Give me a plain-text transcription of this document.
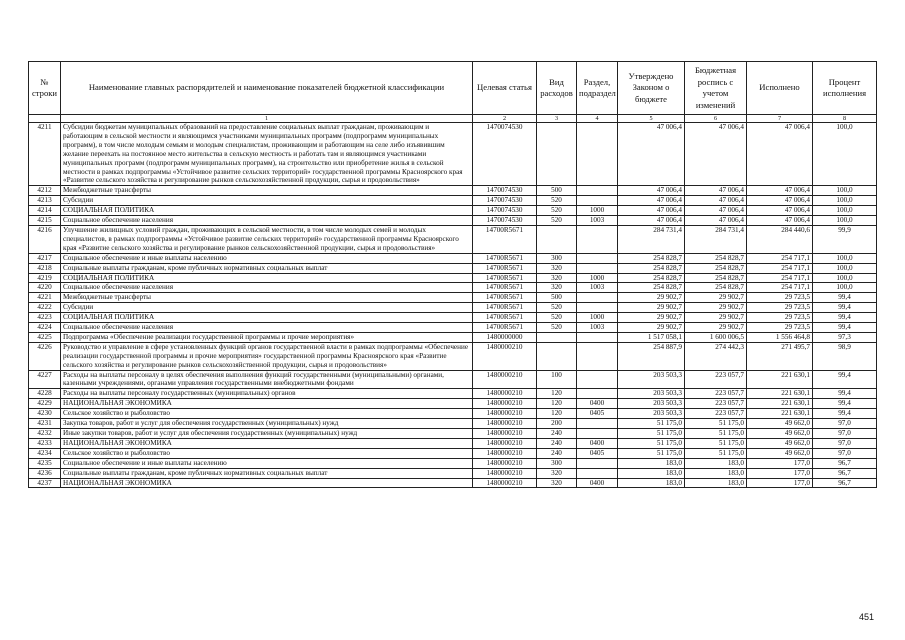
№ строки	Наименование главных распорядителей и наименование показателей бюджетной классификации	Целевая статья	Вид расходов	Раздел, подраздел	Утверждено Законом о бюджете	Бюджетная роспись с учетом изменений	Исполнено	Процент исполнения
	1	2	3	4	5	6	7	8
4211	Субсидии бюджетам муниципальных образований на предоставление социальных выплат гражданам, проживающим и работающим в сельской местности и являющимся участниками муниципальных программ (подпрограмм муниципальных программ), в том числе молодым семьям и молодым специалистам, проживающим и работающим на селе либо изъявившим желание переехать на постоянное место жительства в сельскую местность и работать там и являющимся участниками муниципальных программ (подпрограмм муниципальных программ), на строительство или приобретение жилья в сельской местности в рамках подпрограммы «Устойчивое развитие сельских территорий» государственной программы Красноярского края «Развитие сельского хозяйства и регулирование рынков сельскохозяйственной продукции, сырья и продовольствия»	1470074530			47 006,4	47 006,4	47 006,4	100,0
4212	Межбюджетные трансферты	1470074530	500		47 006,4	47 006,4	47 006,4	100,0
4213	Субсидии	1470074530	520		47 006,4	47 006,4	47 006,4	100,0
4214	СОЦИАЛЬНАЯ ПОЛИТИКА	1470074530	520	1000	47 006,4	47 006,4	47 006,4	100,0
4215	Социальное обеспечение населения	1470074530	520	1003	47 006,4	47 006,4	47 006,4	100,0
4216	Улучшение жилищных условий граждан, проживающих в сельской местности, в том числе молодых семей и молодых специалистов, в рамках подпрограммы «Устойчивое развитие сельских территорий» государственной программы Красноярского края «Развитие сельского хозяйства и регулирование рынков сельскохозяйственной продукции, сырья и продовольствия»	14700R5671			284 731,4	284 731,4	284 440,6	99,9
4217	Социальное обеспечение и иные выплаты населению	14700R5671	300		254 828,7	254 828,7	254 717,1	100,0
4218	Социальные выплаты гражданам, кроме публичных нормативных социальных выплат	14700R5671	320		254 828,7	254 828,7	254 717,1	100,0
4219	СОЦИАЛЬНАЯ ПОЛИТИКА	14700R5671	320	1000	254 828,7	254 828,7	254 717,1	100,0
4220	Социальное обеспечение населения	14700R5671	320	1003	254 828,7	254 828,7	254 717,1	100,0
4221	Межбюджетные трансферты	14700R5671	500		29 902,7	29 902,7	29 723,5	99,4
4222	Субсидии	14700R5671	520		29 902,7	29 902,7	29 723,5	99,4
4223	СОЦИАЛЬНАЯ ПОЛИТИКА	14700R5671	520	1000	29 902,7	29 902,7	29 723,5	99,4
4224	Социальное обеспечение населения	14700R5671	520	1003	29 902,7	29 902,7	29 723,5	99,4
4225	Подпрограмма «Обеспечение реализации государственной программы и прочие мероприятия»	1480000000			1 517 058,1	1 600 006,5	1 556 464,8	97,3
4226	Руководство и управление в сфере установленных функций органов государственной власти в рамках подпрограммы «Обеспечение реализации государственной программы и прочие мероприятия» государственной программы Красноярского края «Развитие сельского хозяйства и регулирование рынков сельскохозяйственной продукции, сырья и продовольствия»	1480000210			254 887,9	274 442,3	271 495,7	98,9
4227	Расходы на выплаты персоналу в целях обеспечения выполнения функций государственными (муниципальными) органами, казенными учреждениями, органами управления государственными внебюджетными фондами	1480000210	100		203 503,3	223 057,7	221 630,1	99,4
4228	Расходы на выплаты персоналу государственных (муниципальных) органов	1480000210	120		203 503,3	223 057,7	221 630,1	99,4
4229	НАЦИОНАЛЬНАЯ ЭКОНОМИКА	1480000210	120	0400	203 503,3	223 057,7	221 630,1	99,4
4230	Сельское хозяйство и рыболовство	1480000210	120	0405	203 503,3	223 057,7	221 630,1	99,4
4231	Закупка товаров, работ и услуг для обеспечения государственных (муниципальных) нужд	1480000210	200		51 175,0	51 175,0	49 662,0	97,0
4232	Иные закупки товаров, работ и услуг для обеспечения государственных (муниципальных) нужд	1480000210	240		51 175,0	51 175,0	49 662,0	97,0
4233	НАЦИОНАЛЬНАЯ ЭКОНОМИКА	1480000210	240	0400	51 175,0	51 175,0	49 662,0	97,0
4234	Сельское хозяйство и рыболовство	1480000210	240	0405	51 175,0	51 175,0	49 662,0	97,0
4235	Социальное обеспечение и иные выплаты населению	1480000210	300		183,0	183,0	177,0	96,7
4236	Социальные выплаты гражданам, кроме публичных нормативных социальных выплат	1480000210	320		183,0	183,0	177,0	96,7
4237	НАЦИОНАЛЬНАЯ ЭКОНОМИКА	1480000210	320	0400	183,0	183,0	177,0	96,7
451
